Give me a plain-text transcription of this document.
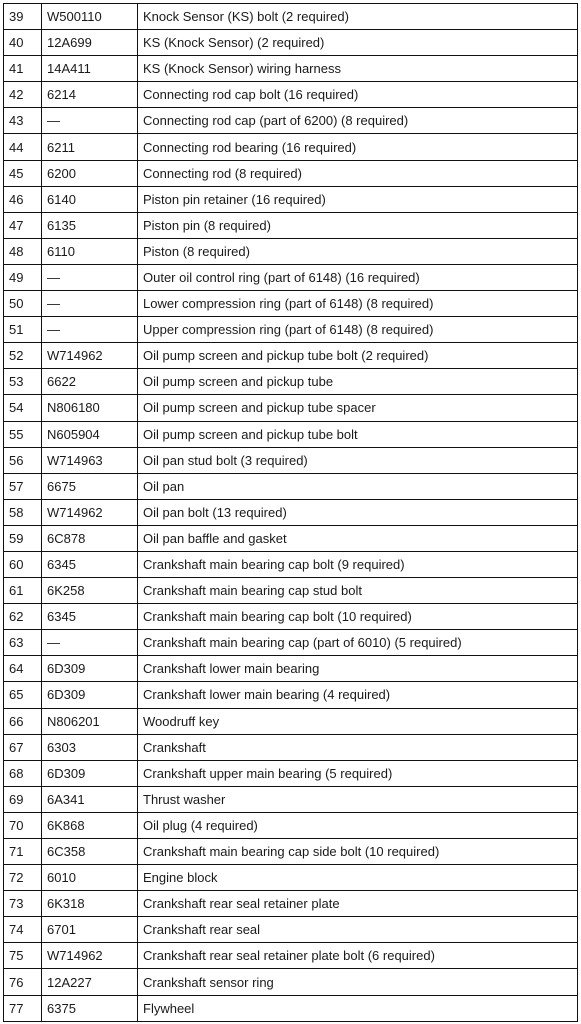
39	W500110	Knock Sensor (KS) bolt (2 required)
40	12A699	KS (Knock Sensor) (2 required)
41	14A411	KS (Knock Sensor) wiring harness
42	6214	Connecting rod cap bolt (16 required)
43	—	Connecting rod cap (part of 6200) (8 required)
44	6211	Connecting rod bearing (16 required)
45	6200	Connecting rod (8 required)
46	6140	Piston pin retainer (16 required)
47	6135	Piston pin (8 required)
48	6110	Piston (8 required)
49	—	Outer oil control ring (part of 6148) (16 required)
50	—	Lower compression ring (part of 6148) (8 required)
51	—	Upper compression ring (part of 6148) (8 required)
52	W714962	Oil pump screen and pickup tube bolt (2 required)
53	6622	Oil pump screen and pickup tube
54	N806180	Oil pump screen and pickup tube spacer
55	N605904	Oil pump screen and pickup tube bolt
56	W714963	Oil pan stud bolt (3 required)
57	6675	Oil pan
58	W714962	Oil pan bolt (13 required)
59	6C878	Oil pan baffle and gasket
60	6345	Crankshaft main bearing cap bolt (9 required)
61	6K258	Crankshaft main bearing cap stud bolt
62	6345	Crankshaft main bearing cap bolt (10 required)
63	—	Crankshaft main bearing cap (part of 6010) (5 required)
64	6D309	Crankshaft lower main bearing
65	6D309	Crankshaft lower main bearing (4 required)
66	N806201	Woodruff key
67	6303	Crankshaft
68	6D309	Crankshaft upper main bearing (5 required)
69	6A341	Thrust washer
70	6K868	Oil plug (4 required)
71	6C358	Crankshaft main bearing cap side bolt (10 required)
72	6010	Engine block
73	6K318	Crankshaft rear seal retainer plate
74	6701	Crankshaft rear seal
75	W714962	Crankshaft rear seal retainer plate bolt (6 required)
76	12A227	Crankshaft sensor ring
77	6375	Flywheel
